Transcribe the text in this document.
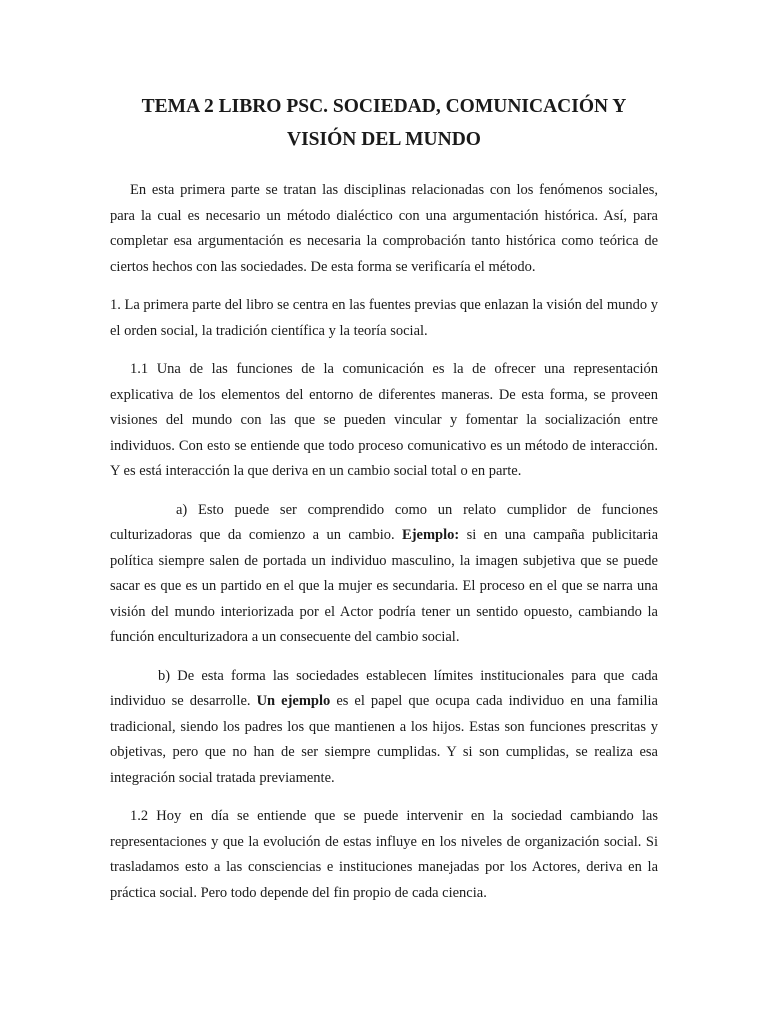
TEMA 2 LIBRO PSC. SOCIEDAD, COMUNICACIÓN Y VISIÓN DEL MUNDO

En esta primera parte se tratan las disciplinas relacionadas con los fenómenos sociales, para la cual es necesario un método dialéctico con una argumentación histórica. Así, para completar esa argumentación es necesaria la comprobación tanto histórica como teórica de ciertos hechos con las sociedades. De esta forma se verificaría el método.

1. La primera parte del libro se centra en las fuentes previas que enlazan la visión del mundo y el orden social, la tradición científica y la teoría social.

1.1 Una de las funciones de la comunicación es la de ofrecer una representación explicativa de los elementos del entorno de diferentes maneras. De esta forma, se proveen visiones del mundo con las que se pueden vincular y fomentar la socialización entre individuos. Con esto se entiende que todo proceso comunicativo es un método de interacción. Y es está interacción la que deriva en un cambio social total o en parte.

a) Esto puede ser comprendido como un relato cumplidor de funciones culturizadoras que da comienzo a un cambio. Ejemplo: si en una campaña publicitaria política siempre salen de portada un individuo masculino, la imagen subjetiva que se puede sacar es que es un partido en el que la mujer es secundaria. El proceso en el que se narra una visión del mundo interiorizada por el Actor podría tener un sentido opuesto, cambiando la función enculturizadora a un consecuente del cambio social.

b) De esta forma las sociedades establecen límites institucionales para que cada individuo se desarrolle. Un ejemplo es el papel que ocupa cada individuo en una familia tradicional, siendo los padres los que mantienen a los hijos. Estas son funciones prescritas y objetivas, pero que no han de ser siempre cumplidas. Y si son cumplidas, se realiza esa integración social tratada previamente.

1.2 Hoy en día se entiende que se puede intervenir en la sociedad cambiando las representaciones y que la evolución de estas influye en los niveles de organización social. Si trasladamos esto a las consciencias e instituciones manejadas por los Actores, deriva en la práctica social. Pero todo depende del fin propio de cada ciencia.
